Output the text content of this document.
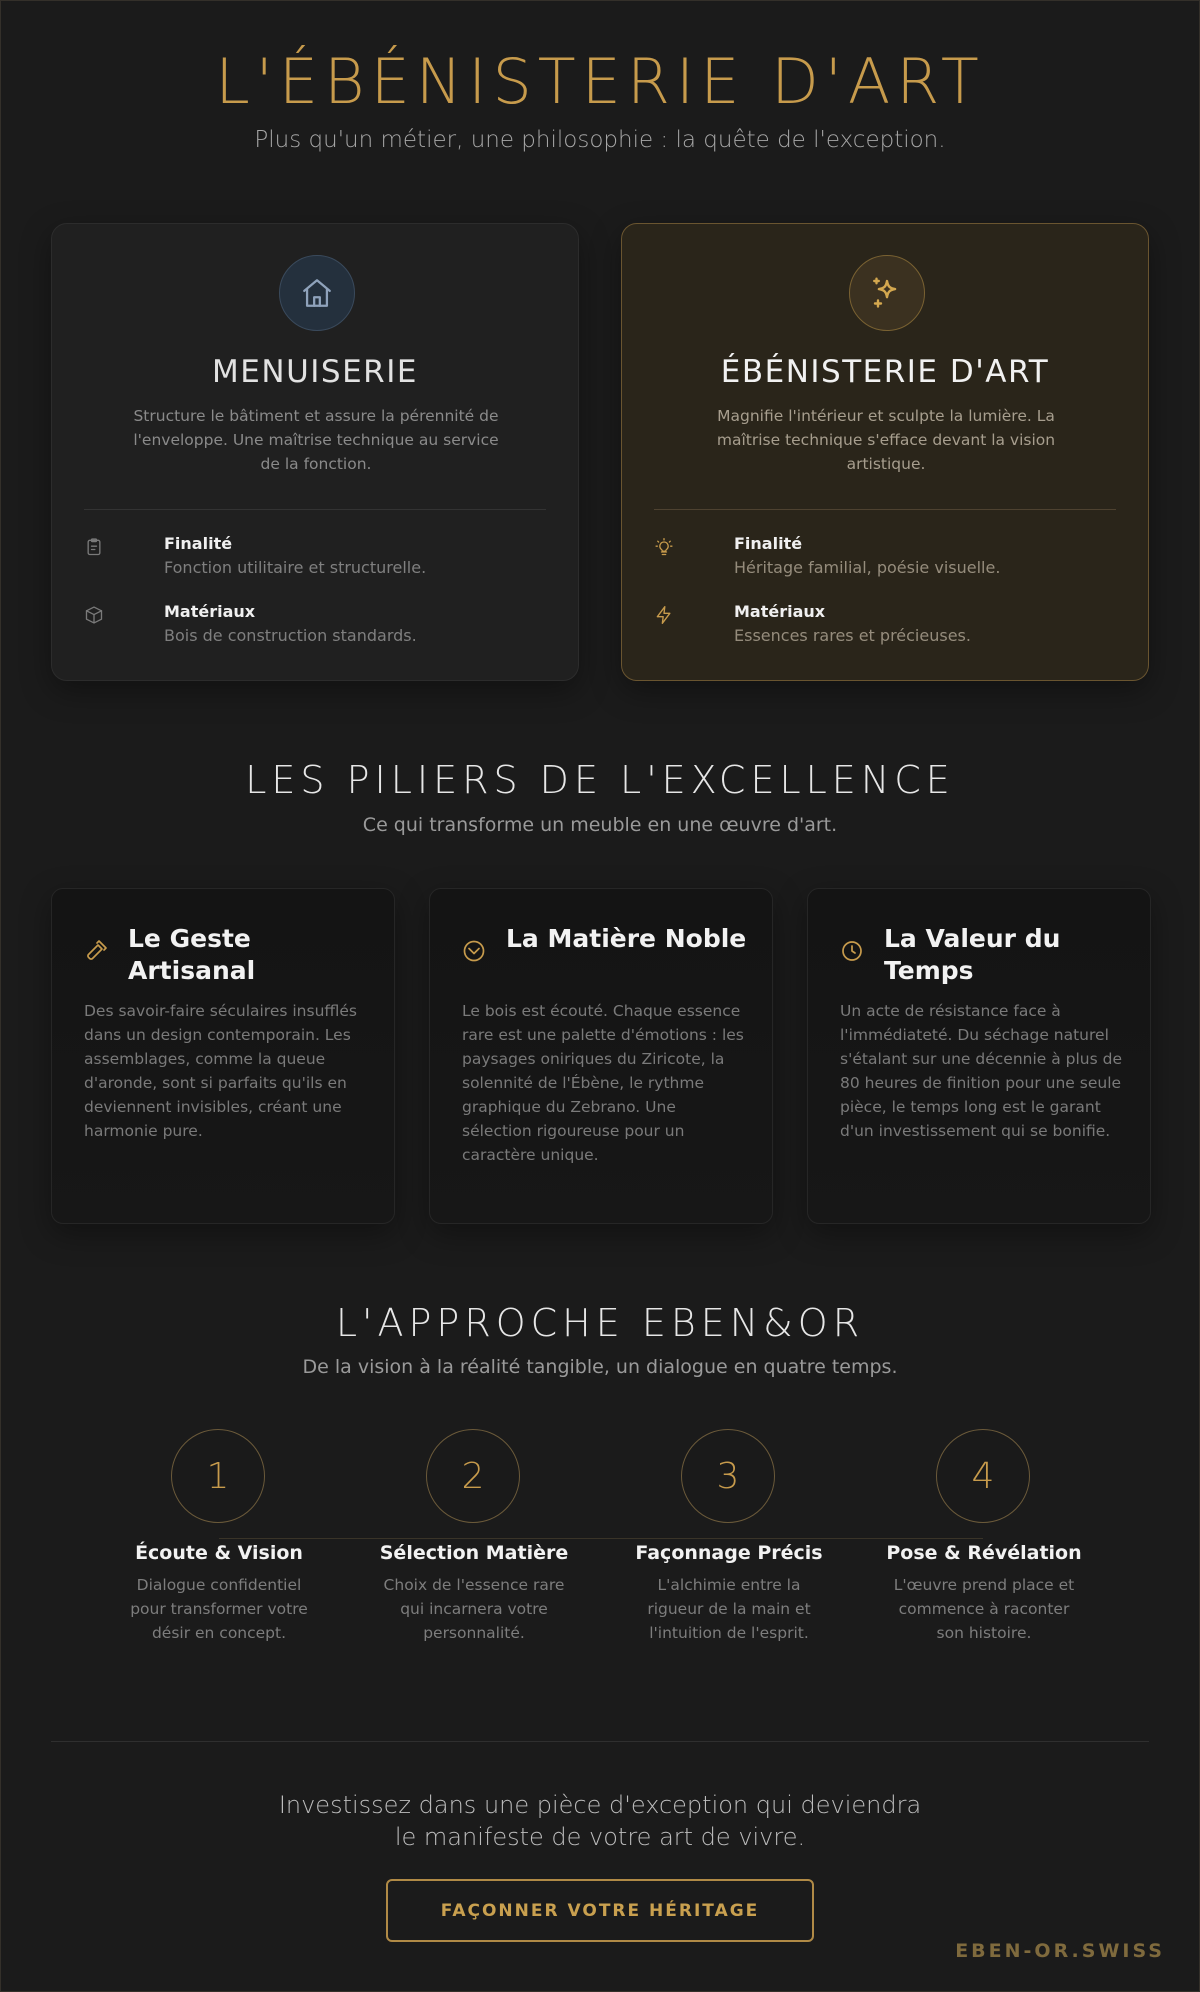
L'ÉBÉNISTERIE D'ART
Plus qu'un métier, une philosophie : la quête de l'exception.
MENUISERIE
Structure le bâtiment et assure la pérennité de l'enveloppe. Une maîtrise technique au service de la fonction.
Finalité
Fonction utilitaire et structurelle.
Matériaux
Bois de construction standards.
ÉBÉNISTERIE D'ART
Magnifie l'intérieur et sculpte la lumière. La maîtrise technique s'efface devant la vision artistique.
Finalité
Héritage familial, poésie visuelle.
Matériaux
Essences rares et précieuses.
LES PILIERS DE L'EXCELLENCE
Ce qui transforme un meuble en une œuvre d'art.
Le Geste Artisanal
Des savoir-faire séculaires insufflés dans un design contemporain. Les assemblages, comme la queue d'aronde, sont si parfaits qu'ils en deviennent invisibles, créant une harmonie pure.
La Matière Noble
Le bois est écouté. Chaque essence rare est une palette d'émotions : les paysages oniriques du Ziricote, la solennité de l'Ébène, le rythme graphique du Zebrano. Une sélection rigoureuse pour un caractère unique.
La Valeur du Temps
Un acte de résistance face à l'immédiateté. Du séchage naturel s'étalant sur une décennie à plus de 80 heures de finition pour une seule pièce, le temps long est le garant d'un investissement qui se bonifie.
L'APPROCHE EBEN&OR
De la vision à la réalité tangible, un dialogue en quatre temps.
1
Écoute & Vision
Dialogue confidentiel pour transformer votre désir en concept.
2
Sélection Matière
Choix de l'essence rare qui incarnera votre personnalité.
3
Façonnage Précis
L'alchimie entre la rigueur de la main et l'intuition de l'esprit.
4
Pose & Révélation
L'œuvre prend place et commence à raconter son histoire.
Investissez dans une pièce d'exception qui deviendra
le manifeste de votre art de vivre.
FAÇONNER VOTRE HÉRITAGE
EBEN-OR.SWISS
